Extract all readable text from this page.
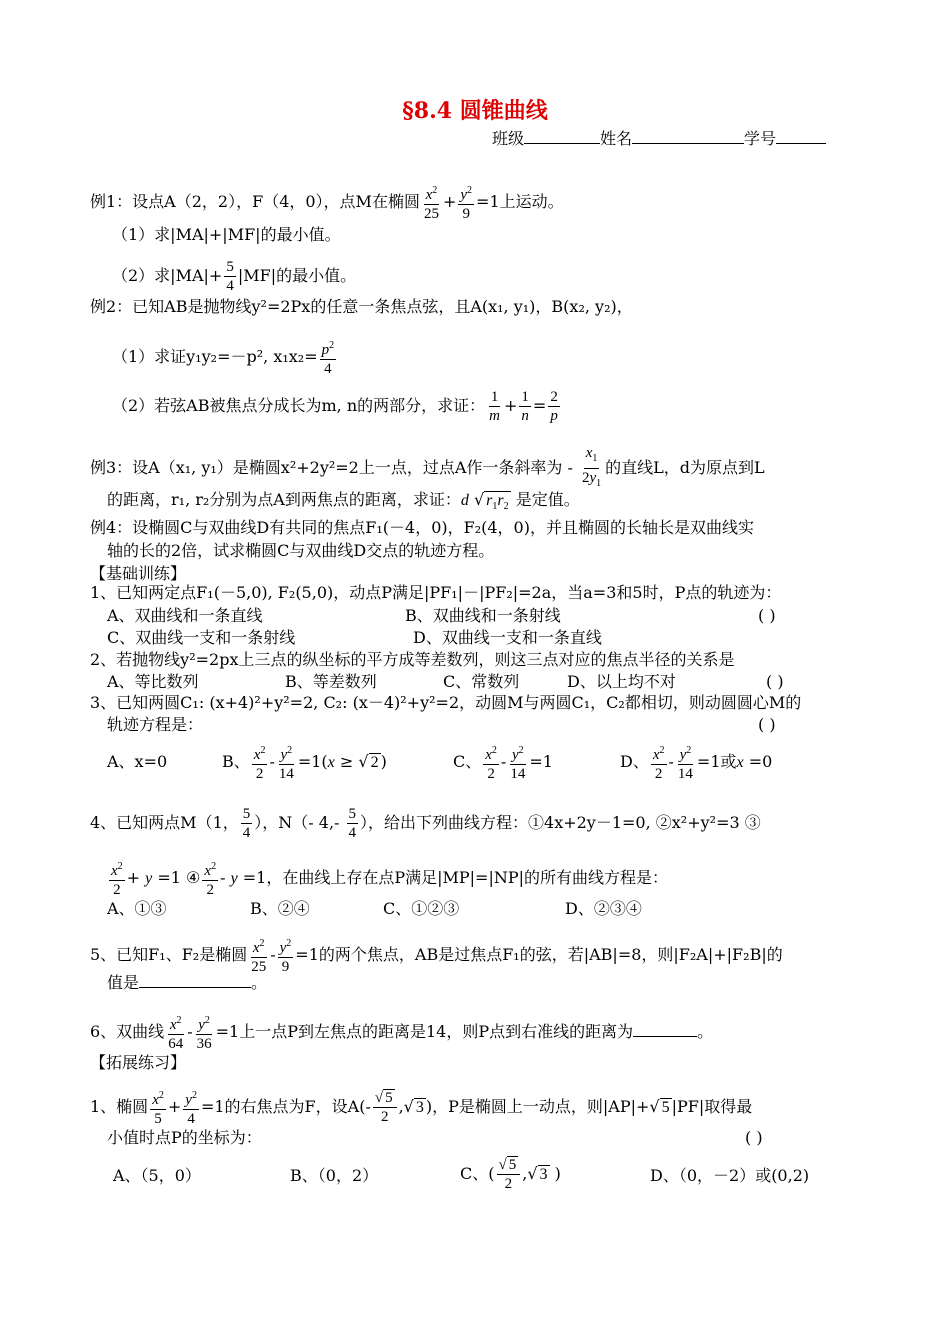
§8.4 圆锥曲线
班级	姓名	学号
例1：设点A（2，2），F（4，0），点M在椭圆 $\frac{x^2}{25} + \frac{y^2}{9} =1$上运动。
（1）求|MA|+|MF|的最小值。
（2）求$|MA|+ \frac{5}{4} |MF|$的最小值。
例2：已知AB是抛物线y²=2Px的任意一条焦点弦，且A(x₁, y₁)，B(x₂, y₂)，
（1）求证y₁y₂=－p², $x_1x_2= \frac{p^2}{4}$
（2）若弦AB被焦点分成长为m, n的两部分，求证： $\frac{1}{m} + \frac{1}{n} = \frac{2}{p}$
例3：设A（x₁, y₁）是椭圆x²+2y²=2上一点，过点A作一条斜率为 - $\frac{x_1}{2y_1}$ 的直线L，d为原点到L
的距离，r₁, r₂分别为点A到两焦点的距离，求证：d √ $r_1r_2$ 是定值。
例4：设椭圆C与双曲线D有共同的焦点F₁(－4，0)，F₂(4，0)，并且椭圆的长轴长是双曲线实
轴的长的2倍，试求椭圆C与双曲线D交点的轨迹方程。
【基础训练】
1、已知两定点F₁(－5,0), F₂(5,0)，动点P满足|PF₁|－|PF₂|=2a，当a=3和5时，P点的轨迹为：
A、双曲线和一条直线	B、双曲线和一条射线	( )
C、双曲线一支和一条射线	D、双曲线一支和一条直线
2、若抛物线y²=2px上三点的纵坐标的平方成等差数列，则这三点对应的焦点半径的关系是
A、等比数列	B、等差数列	C、常数列	D、以上均不对	( )
3、已知两圆C₁: (x+4)²+y²=2, C₂: (x－4)²+y²=2，动圆M与两圆C₁，C₂都相切，则动圆圆心M的
轨迹方程是：	( )
A、x=0	B、 $\frac{x^2}{2} - \frac{y^2}{14} =1(x$ ≥ √ 2 )	C、 $\frac{x^2}{2} - \frac{y^2}{14} =1$	D、 $\frac{x^2}{2} - \frac{y^2}{14} =1$或x =0
4、已知两点M（1， $\frac{5}{4}$ ），N（- $4,- \frac{5}{4}$ ），给出下列曲线方程：①4x+2y－1=0, ②x²+y²=3 ③
$\frac{x^2}{2} + y =1$ ④ $\frac{x^2}{2} - y =1$，在曲线上存在点P满足|MP|=|NP|的所有曲线方程是：
A、①③	B、②④	C、①②③	D、②③④
5、已知F₁、F₂是椭圆 $\frac{x^2}{25} - \frac{y^2}{9} =1$的两个焦点，AB是过焦点F₁的弦，若|AB|=8，则|F₂A|+|F₂B|的
值是	。
6、双曲线 $\frac{x^2}{64} - \frac{y^2}{36} =1$上一点P到左焦点的距离是14，则P点到右准线的距离为	。
【拓展练习】
1、椭圆 $\frac{x^2}{5} + \frac{y^2}{4} =1$的右焦点为F，设$A(- \frac{√ 5}{2}$ ,√ 3 )，P是椭圆上一动点，则|AP|+√ 5 |PF|取得最
小值时点P的坐标为：	( )
A、（5，0）	B、（0，2）	C、( $\frac{√ 5}{2}$ ,√ 3 )	D、（0，－2）或(0,2)
